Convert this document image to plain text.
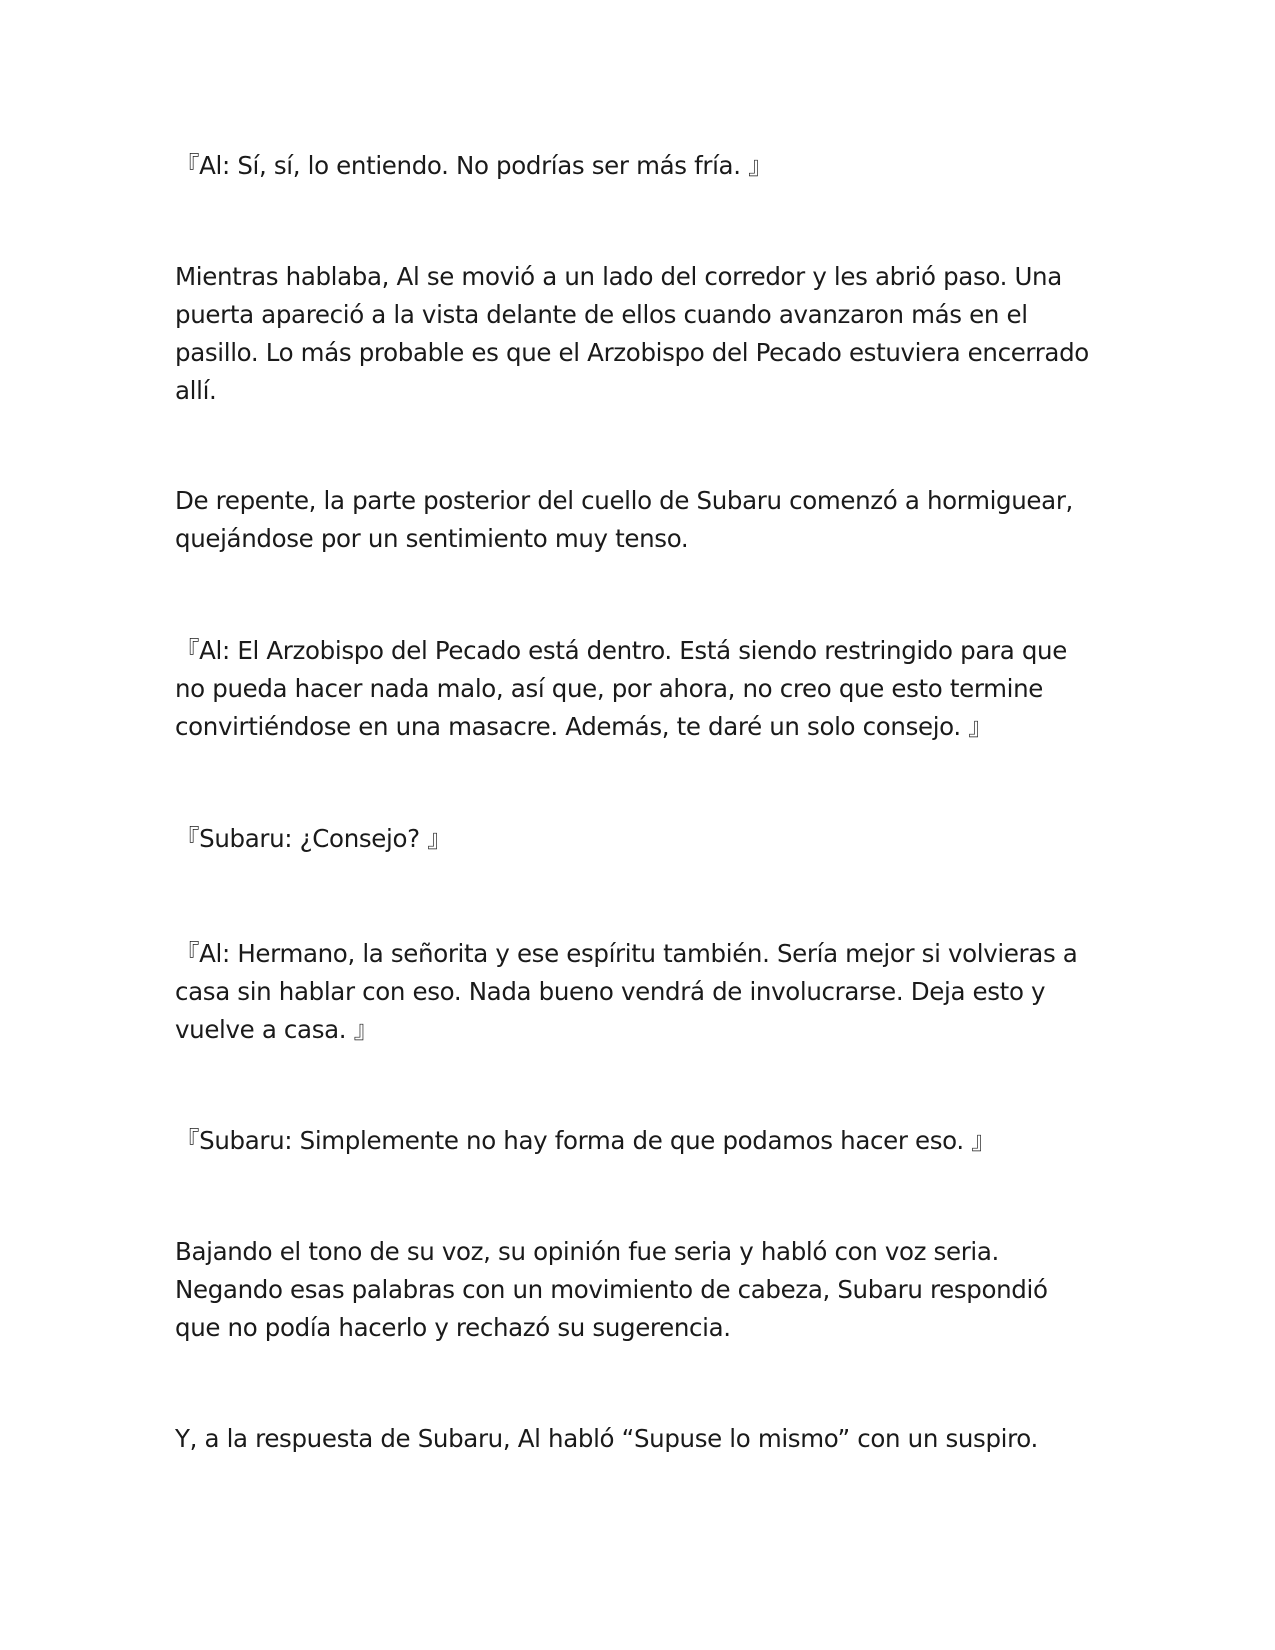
『Al: Sí, sí, lo entiendo. No podrías ser más fría. 』

Mientras hablaba, Al se movió a un lado del corredor y les abrió paso. Una puerta apareció a la vista delante de ellos cuando avanzaron más en el pasillo. Lo más probable es que el Arzobispo del Pecado estuviera encerrado allí.

De repente, la parte posterior del cuello de Subaru comenzó a hormiguear, quejándose por un sentimiento muy tenso.

『Al: El Arzobispo del Pecado está dentro. Está siendo restringido para que no pueda hacer nada malo, así que, por ahora, no creo que esto termine convirtiéndose en una masacre. Además, te daré un solo consejo. 』

『Subaru: ¿Consejo? 』

『Al: Hermano, la señorita y ese espíritu también. Sería mejor si volvieras a casa sin hablar con eso. Nada bueno vendrá de involucrarse. Deja esto y vuelve a casa. 』

『Subaru: Simplemente no hay forma de que podamos hacer eso. 』

Bajando el tono de su voz, su opinión fue seria y habló con voz seria. Negando esas palabras con un movimiento de cabeza, Subaru respondió que no podía hacerlo y rechazó su sugerencia.

Y, a la respuesta de Subaru, Al habló “Supuse lo mismo” con un suspiro.
